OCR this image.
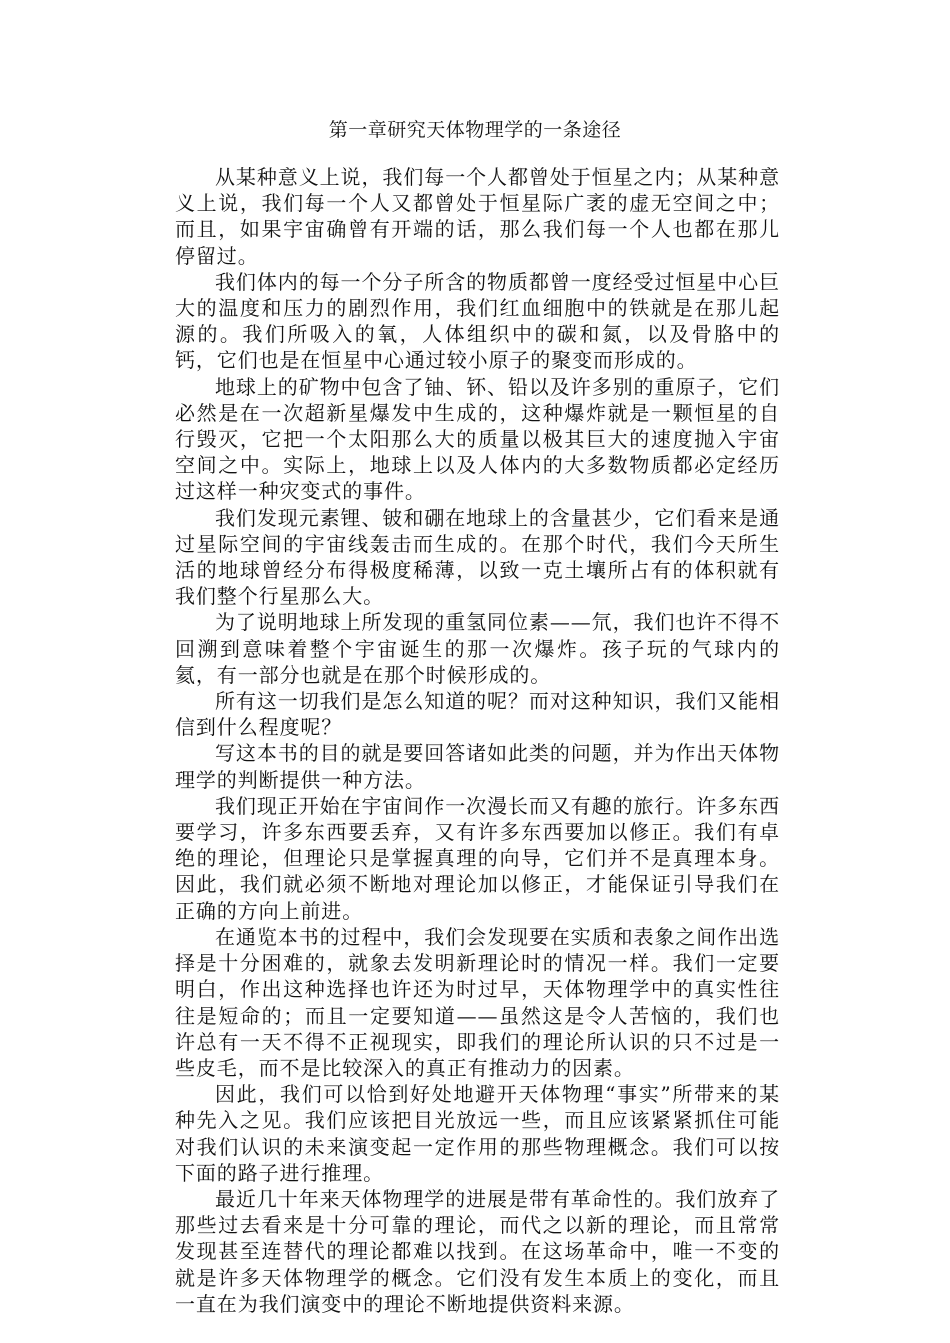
第一章研究天体物理学的一条途径

从某种意义上说，我们每一个人都曾处于恒星之内；从某种意义上说，我们每一个人又都曾处于恒星际广袤的虚无空间之中；而且，如果宇宙确曾有开端的话，那么我们每一个人也都在那儿停留过。

我们体内的每一个分子所含的物质都曾一度经受过恒星中心巨大的温度和压力的剧烈作用，我们红血细胞中的铁就是在那儿起源的。我们所吸入的氧，人体组织中的碳和氮，以及骨胳中的钙，它们也是在恒星中心通过较小原子的聚变而形成的。

地球上的矿物中包含了铀、钚、铅以及许多别的重原子，它们必然是在一次超新星爆发中生成的，这种爆炸就是一颗恒星的自行毁灭，它把一个太阳那么大的质量以极其巨大的速度抛入宇宙空间之中。实际上，地球上以及人体内的大多数物质都必定经历过这样一种灾变式的事件。

我们发现元素锂、铍和硼在地球上的含量甚少，它们看来是通过星际空间的宇宙线轰击而生成的。在那个时代，我们今天所生活的地球曾经分布得极度稀薄，以致一克土壤所占有的体积就有我们整个行星那么大。

为了说明地球上所发现的重氢同位素——氘，我们也许不得不回溯到意味着整个宇宙诞生的那一次爆炸。孩子玩的气球内的氦，有一部分也就是在那个时候形成的。

所有这一切我们是怎么知道的呢？而对这种知识，我们又能相信到什么程度呢？

写这本书的目的就是要回答诸如此类的问题，并为作出天体物理学的判断提供一种方法。

我们现正开始在宇宙间作一次漫长而又有趣的旅行。许多东西要学习，许多东西要丢弃，又有许多东西要加以修正。我们有卓绝的理论，但理论只是掌握真理的向导，它们并不是真理本身。因此，我们就必须不断地对理论加以修正，才能保证引导我们在正确的方向上前进。

在通览本书的过程中，我们会发现要在实质和表象之间作出选择是十分困难的，就象去发明新理论时的情况一样。我们一定要明白，作出这种选择也许还为时过早，天体物理学中的真实性往往是短命的；而且一定要知道——虽然这是令人苦恼的，我们也许总有一天不得不正视现实，即我们的理论所认识的只不过是一些皮毛，而不是比较深入的真正有推动力的因素。

因此，我们可以恰到好处地避开天体物理“事实”所带来的某种先入之见。我们应该把目光放远一些，而且应该紧紧抓住可能对我们认识的未来演变起一定作用的那些物理概念。我们可以按下面的路子进行推理。

最近几十年来天体物理学的进展是带有革命性的。我们放弃了那些过去看来是十分可靠的理论，而代之以新的理论，而且常常发现甚至连替代的理论都难以找到。在这场革命中，唯一不变的就是许多天体物理学的概念。它们没有发生本质上的变化，而且一直在为我们演变中的理论不断地提供资料来源。
